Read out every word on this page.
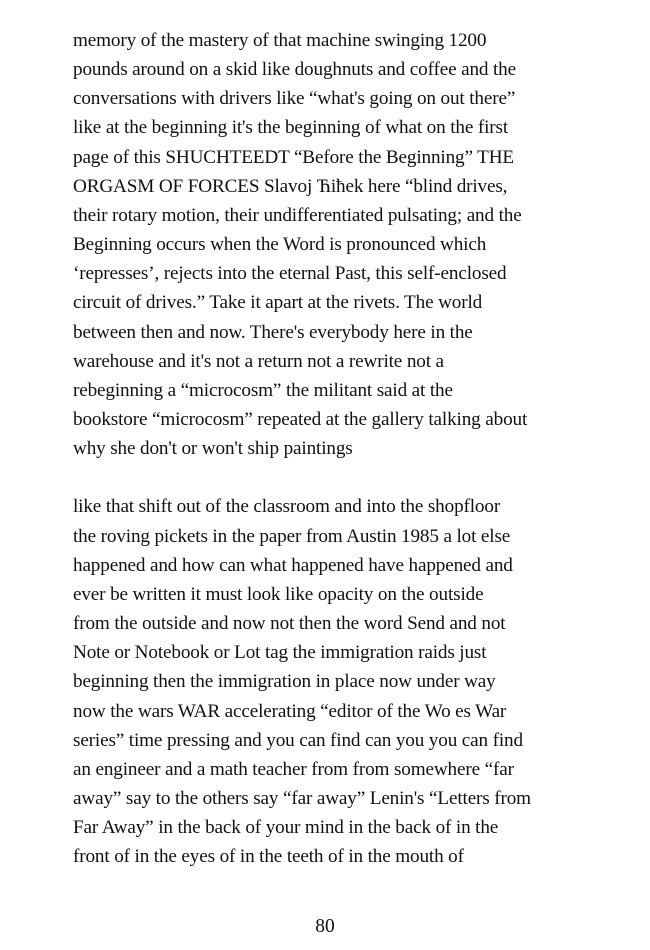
memory of the mastery of that machine swinging 1200
pounds around on a skid like doughnuts and coffee and the
conversations with drivers like “what's going on out there”
like at the beginning it's the beginning of what on the first
page of this SHUCHTEEDT “Before the Beginning” THE
ORGASM OF FORCES Slavoj Ћiћek here “blind drives,
their rotary motion, their undifferentiated pulsating; and the
Beginning occurs when the Word is pronounced which
‘represses’, rejects into the eternal Past, this self-enclosed
circuit of drives.” Take it apart at the rivets. The world
between then and now. There's everybody here in the
warehouse and it's not a return not a rewrite not a
rebeginning a “microcosm” the militant said at the
bookstore “microcosm” repeated at the gallery talking about
why she don't or won't ship paintings

like that shift out of the classroom and into the shopfloor
the roving pickets in the paper from Austin 1985 a lot else
happened and how can what happened have happened and
ever be written it must look like opacity on the outside
from the outside and now not then the word Send and not
Note or Notebook or Lot tag the immigration raids just
beginning then the immigration in place now under way
now the wars WAR accelerating “editor of the Wo es War
series” time pressing and you can find can you you can find
an engineer and a math teacher from from somewhere “far
away” say to the others say “far away” Lenin's “Letters from
Far Away” in the back of your mind in the back of in the
front of in the eyes of in the teeth of in the mouth of

80
